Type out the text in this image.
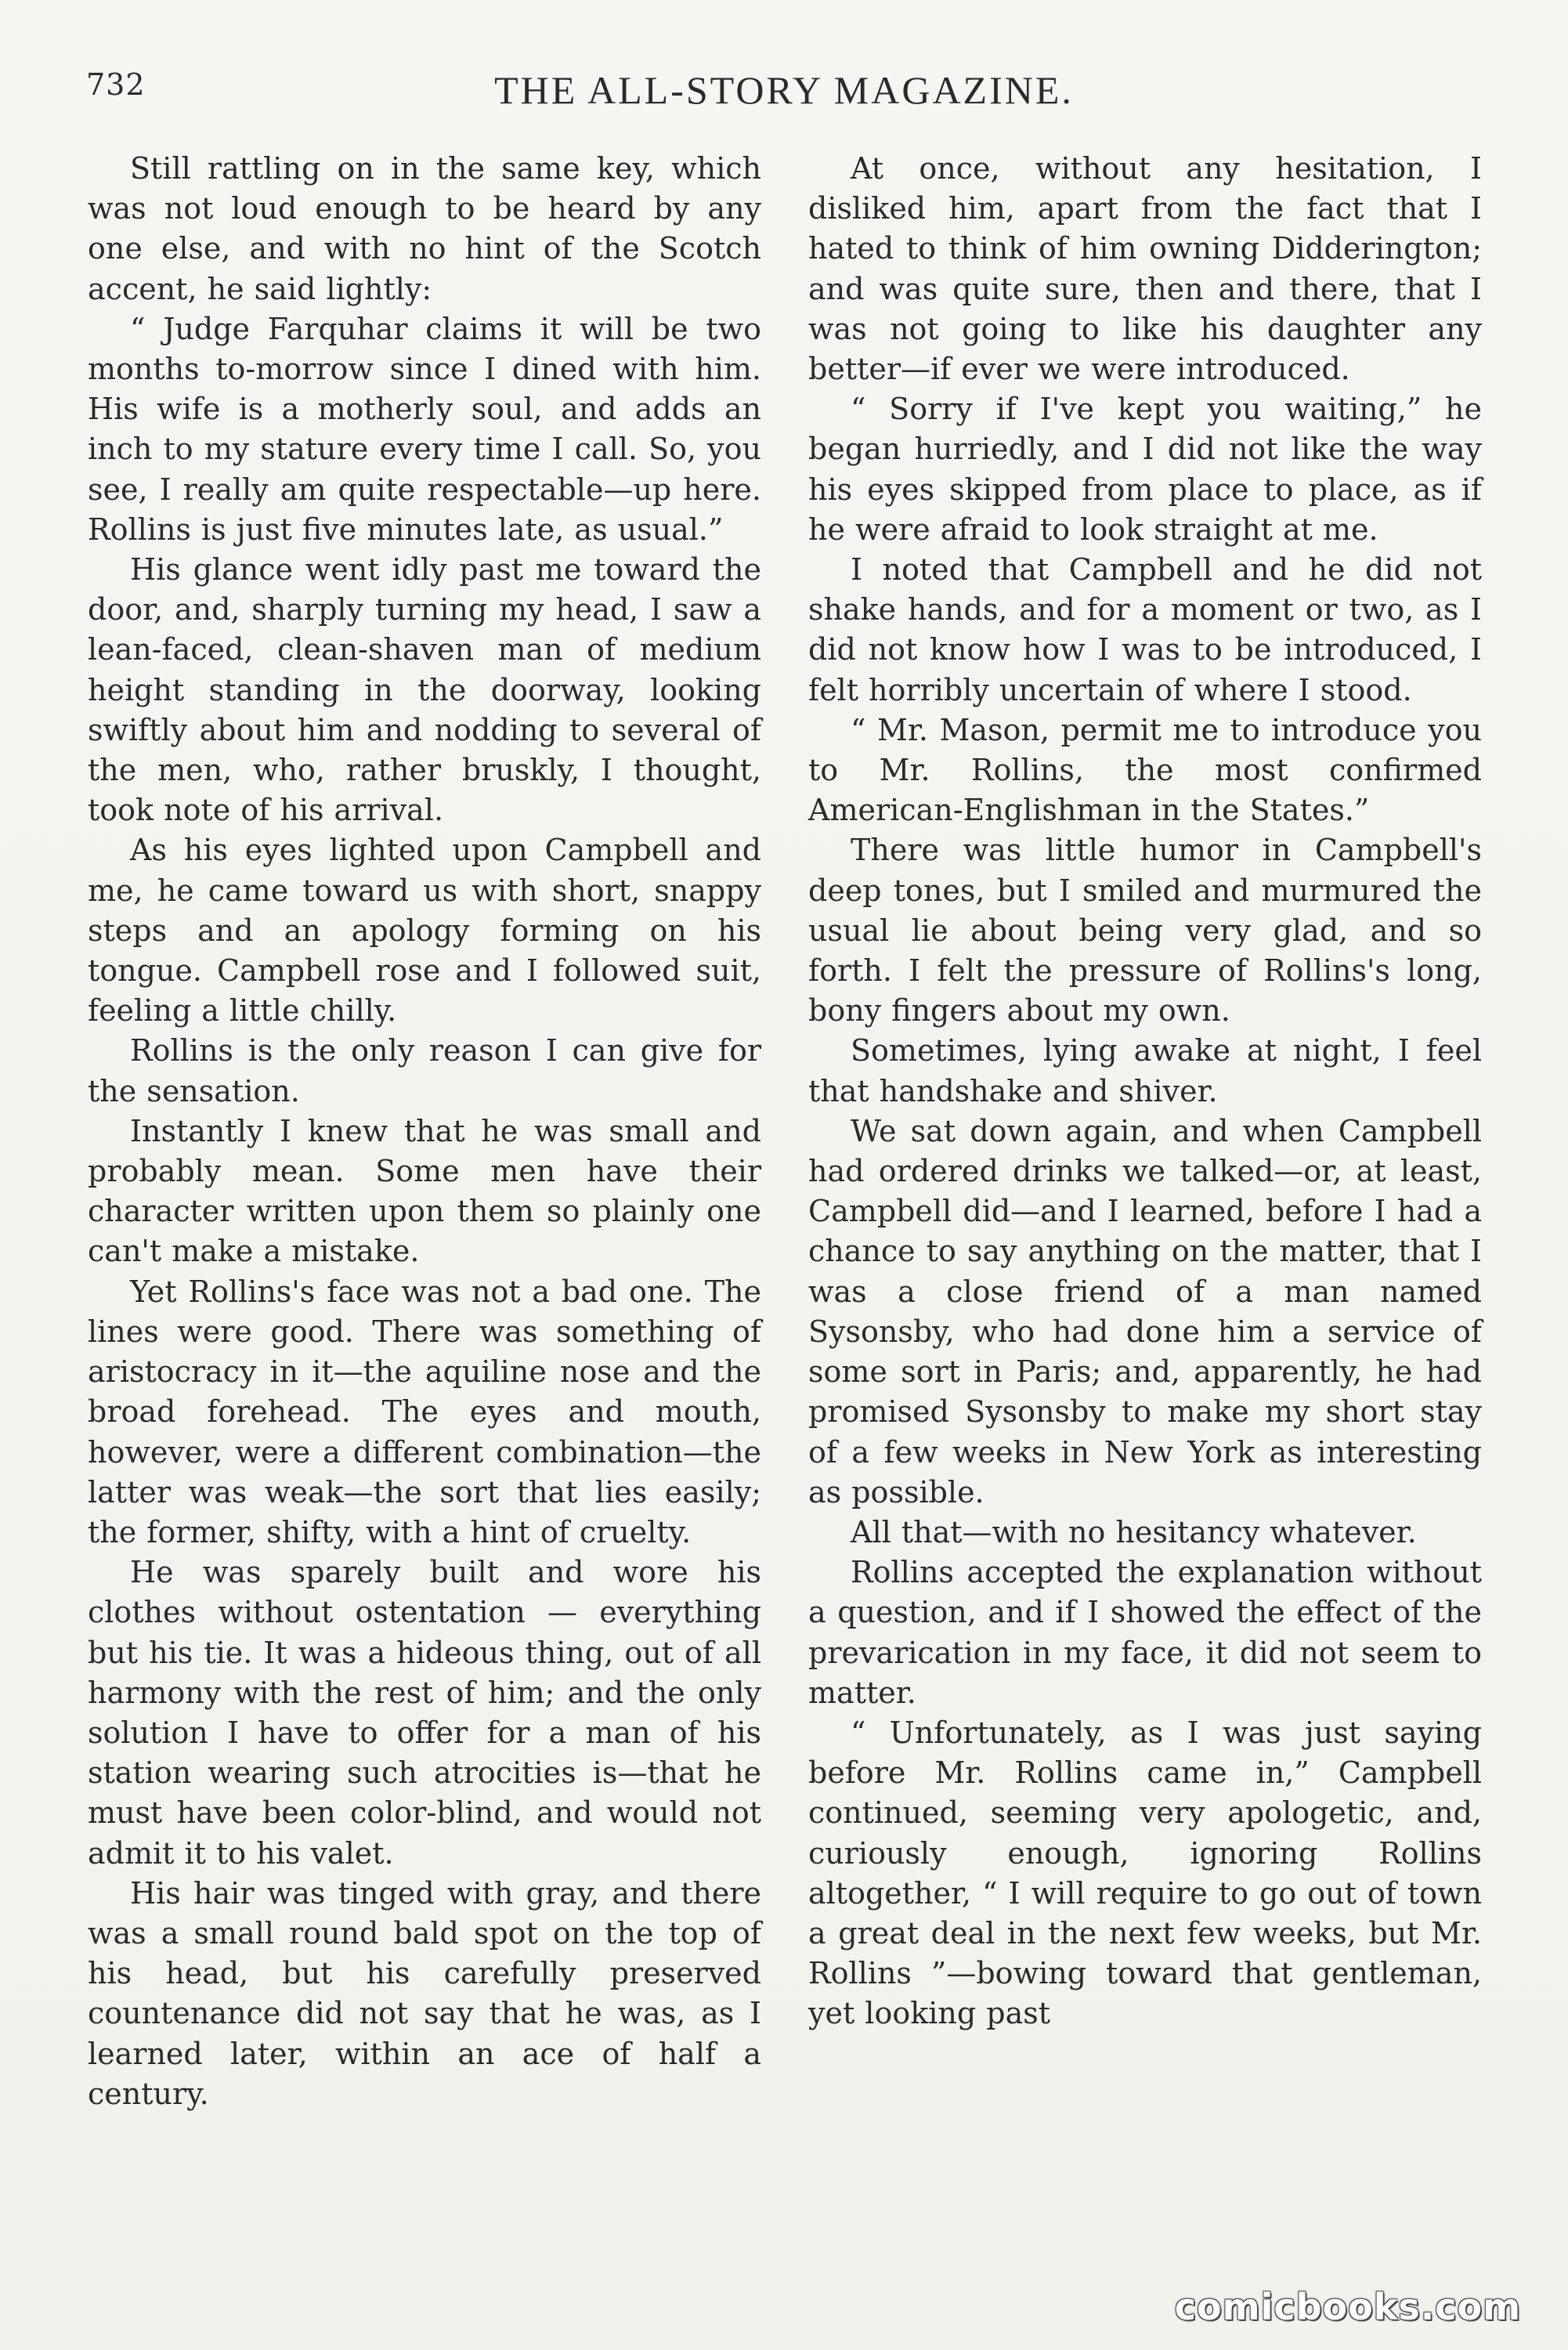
732	THE ALL-STORY MAGAZINE.

Still rattling on in the same key, which was not loud enough to be heard by any one else, and with no hint of the Scotch accent, he said lightly:

“ Judge Farquhar claims it will be two months to-morrow since I dined with him. His wife is a motherly soul, and adds an inch to my stature every time I call. So, you see, I really am quite respectable—up here. Rollins is just five minutes late, as usual.”

His glance went idly past me toward the door, and, sharply turning my head, I saw a lean-faced, clean-shaven man of medium height standing in the doorway, looking swiftly about him and nodding to several of the men, who, rather bruskly, I thought, took note of his arrival.

As his eyes lighted upon Campbell and me, he came toward us with short, snappy steps and an apology forming on his tongue. Campbell rose and I followed suit, feeling a little chilly.

Rollins is the only reason I can give for the sensation.

Instantly I knew that he was small and probably mean. Some men have their character written upon them so plainly one can't make a mistake.

Yet Rollins's face was not a bad one. The lines were good. There was something of aristocracy in it—the aquiline nose and the broad forehead. The eyes and mouth, however, were a different combination—the latter was weak—the sort that lies easily; the former, shifty, with a hint of cruelty.

He was sparely built and wore his clothes without ostentation — everything but his tie. It was a hideous thing, out of all harmony with the rest of him; and the only solution I have to offer for a man of his station wearing such atrocities is—that he must have been color-blind, and would not admit it to his valet.

His hair was tinged with gray, and there was a small round bald spot on the top of his head, but his carefully preserved countenance did not say that he was, as I learned later, within an ace of half a century.

At once, without any hesitation, I disliked him, apart from the fact that I hated to think of him owning Didderington; and was quite sure, then and there, that I was not going to like his daughter any better—if ever we were introduced.

“ Sorry if I've kept you waiting,” he began hurriedly, and I did not like the way his eyes skipped from place to place, as if he were afraid to look straight at me.

I noted that Campbell and he did not shake hands, and for a moment or two, as I did not know how I was to be introduced, I felt horribly uncertain of where I stood.

“ Mr. Mason, permit me to introduce you to Mr. Rollins, the most confirmed American-Englishman in the States.”

There was little humor in Campbell's deep tones, but I smiled and murmured the usual lie about being very glad, and so forth. I felt the pressure of Rollins's long, bony fingers about my own.

Sometimes, lying awake at night, I feel that handshake and shiver.

We sat down again, and when Campbell had ordered drinks we talked—or, at least, Campbell did—and I learned, before I had a chance to say anything on the matter, that I was a close friend of a man named Sysonsby, who had done him a service of some sort in Paris; and, apparently, he had promised Sysonsby to make my short stay of a few weeks in New York as interesting as possible.

All that—with no hesitancy whatever.

Rollins accepted the explanation without a question, and if I showed the effect of the prevarication in my face, it did not seem to matter.

“ Unfortunately, as I was just saying before Mr. Rollins came in,” Campbell continued, seeming very apologetic, and, curiously enough, ignoring Rollins altogether, “ I will require to go out of town a great deal in the next few weeks, but Mr. Rollins ”—bowing toward that gentleman, yet looking past

comicbooks.com
